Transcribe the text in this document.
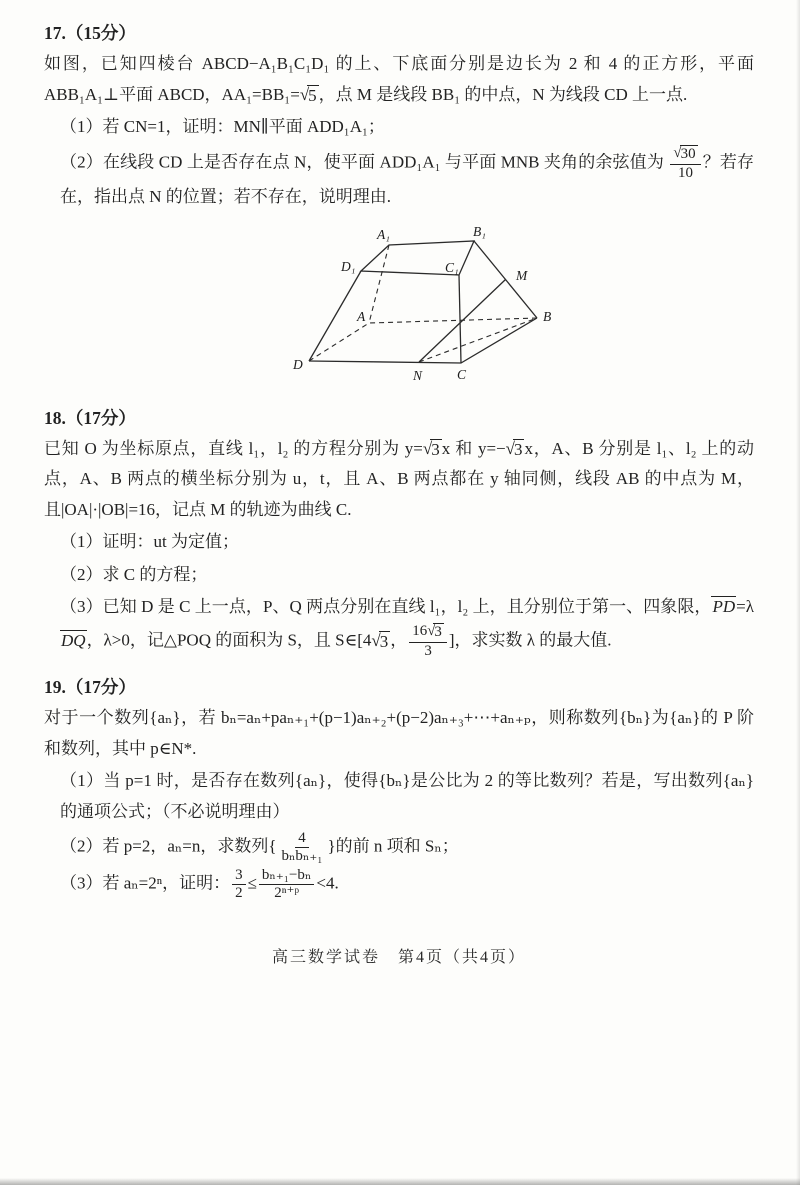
17.（15分）
如图，已知四棱台 ABCD−A₁B₁C₁D₁ 的上、下底面分别是边长为 2 和 4 的正方形，平面 ABB₁A₁⊥平面 ABCD，AA₁=BB₁= √ 5 ，点 M 是线段 BB₁ 的中点，N 为线段 CD 上一点.
（1）若 CN=1，证明：MN∥平面 ADD₁A₁；
（2）在线段 CD 上是否存在点 N，使平面 ADD₁A₁ 与平面 MNB 夹角的余弦值为 $\frac{√ 30}{10}$ ？若存在，指出点 N 的位置；若不存在，说明理由.
A₁	B₁
D₁	C₁
M
A	B
D
N	C
18.（17分）
已知 O 为坐标原点，直线 l₁，l₂ 的方程分别为 y= √ 3 x 和 y=− √ 3 x，A、B 分别是 l₁、l₂ 上的动点，A、B 两点的横坐标分别为 u，t，且 A、B 两点都在 y 轴同侧，线段 AB 的中点为 M，且|OA|·|OB|=16，记点 M 的轨迹为曲线 C.
（1）证明：ut 为定值；
（2）求 C 的方程；
（3）已知 D 是 C 上一点，P、Q 两点分别在直线 l₁，l₂ 上，且分别位于第一、四象限，PD=λDQ，λ>0，记△POQ 的面积为 S，且 S∈[4 √ 3 ， $\frac{16 √ 3}{3}$ ]，求实数 λ 的最大值.
19.（17分）
对于一个数列{aₙ}，若 bₙ=aₙ+paₙ₊₁+(p−1)aₙ₊₂+(p−2)aₙ₊₃+⋯+aₙ₊ₚ，则称数列{bₙ}为{aₙ}的 P 阶和数列，其中 p∈N*.
（1）当 p=1 时，是否存在数列{aₙ}，使得{bₙ}是公比为 2 的等比数列？若是，写出数列{aₙ}的通项公式；（不必说明理由）
（2）若 p=2，aₙ=n，求数列{ $\frac{4}{\text{bₙbₙ₊₁}}$ }的前 n 项和 Sₙ；
（3）若 aₙ=2ⁿ，证明： $\frac{3}{2} \le \frac{\text{bₙ₊₁−bₙ}}{\text{2ⁿ⁺ᵖ}} <4$.
高三数学试卷　第4页（共4页）
